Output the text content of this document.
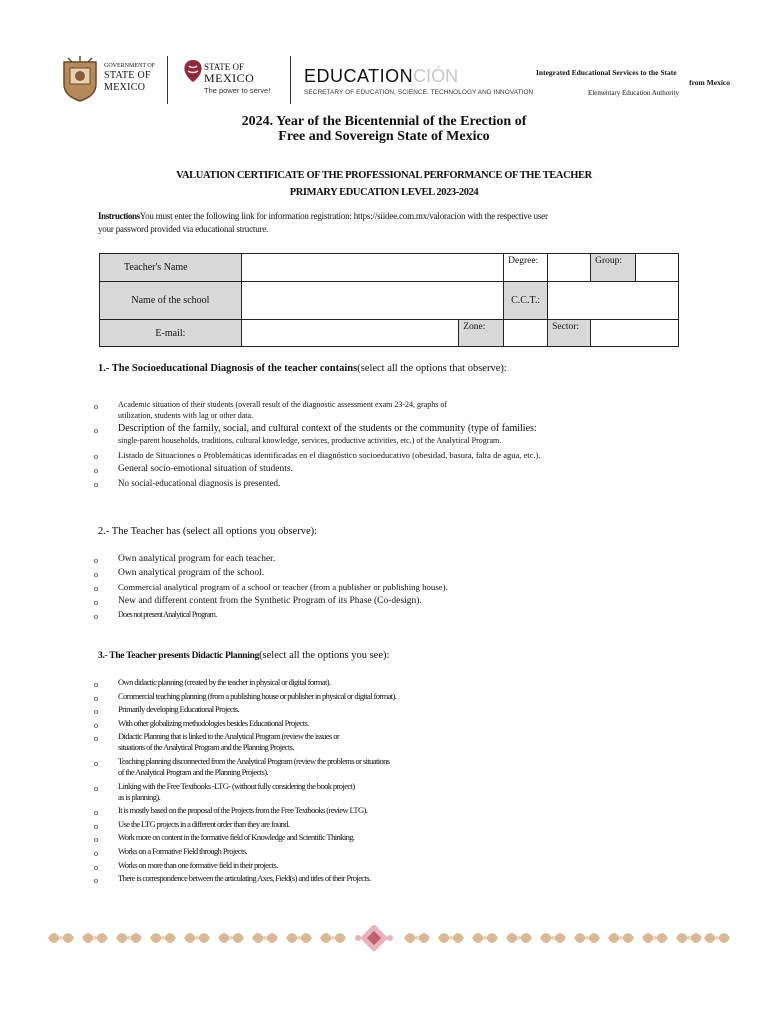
GOVERNMENT OF
STATE OF
MEXICO
STATE OF
MEXICO
The power to serve!
EDUCATIONCIÓN
SECRETARY OF EDUCATION, SCIENCE, TECHNOLOGY AND INNOVATION
Integrated Educational Services to the State
from Mexico
Elementary Education Authority
2024. Year of the Bicentennial of the Erection of
Free and Sovereign State of Mexico
VALUATION CERTIFICATE OF THE PROFESSIONAL PERFORMANCE OF THE TEACHER
PRIMARY EDUCATION LEVEL 2023-2024
InstructionsYou must enter the following link for information registration: https://siidee.com.mx/valoracion with the respective user
your password provided via educational structure.
Teacher's Name			Degree:		Group:	
Name of the school			C.C.T.:			
E-mail:		Zone:		Sector:		
1.- The Socioeducational Diagnosis of the teacher contains(select all the options that observe):
o	Academic situation of their students (overall result of the diagnostic assessment exam 23-24, graphs of
utilization, students with lag or other data.
o Description of the family, social, and cultural context of the students or the community (type of families:
single-parent households, traditions, cultural knowledge, services, productive activities, etc.) of the Analytical Program.
o Listado de Situaciones o Problemáticas identificadas en el diagnóstico socioeducativo (obesidad, basura, falta de agua, etc.).
o General socio-emotional situation of students.
o No social-educational diagnosis is presented.
2.- The Teacher has (select all options you observe):
o Own analytical program for each teacher.
o Own analytical program of the school.
o Commercial analytical program of a school or teacher (from a publisher or publishing house).
o New and different content from the Synthetic Program of its Phase (Co-design).
o	Does not present Analytical Program.
3.- The Teacher presents Didactic Planning(select all the options you see):
o Own didactic planning (created by the teacher in physical or digital format).
o Commercial teaching planning (from a publishing house or publisher in physical or digital format).
o Primarily developing Educational Projects.
o With other globalizing methodologies besides Educational Projects.
o Didactic Planning that is linked to the Analytical Program (review the issues or
situations of the Analytical Program and the Planning Projects.
o Teaching planning disconnected from the Analytical Program (review the problems or situations
of the Analytical Program and the Planning Projects).
o Linking with the Free Textbooks -LTG- (without fully considering the book project)
as is planning).
o It is mostly based on the proposal of the Projects from the Free Textbooks (review LTG).
o Use the LTG projects in a different order than they are found.
o Work more on content in the formative field of Knowledge and Scientific Thinking.
o Works on a Formative Field through Projects.
o Works on more than one formative field in their projects.
o There is correspondence between the articulating Axes, Field(s) and titles of their Projects.
